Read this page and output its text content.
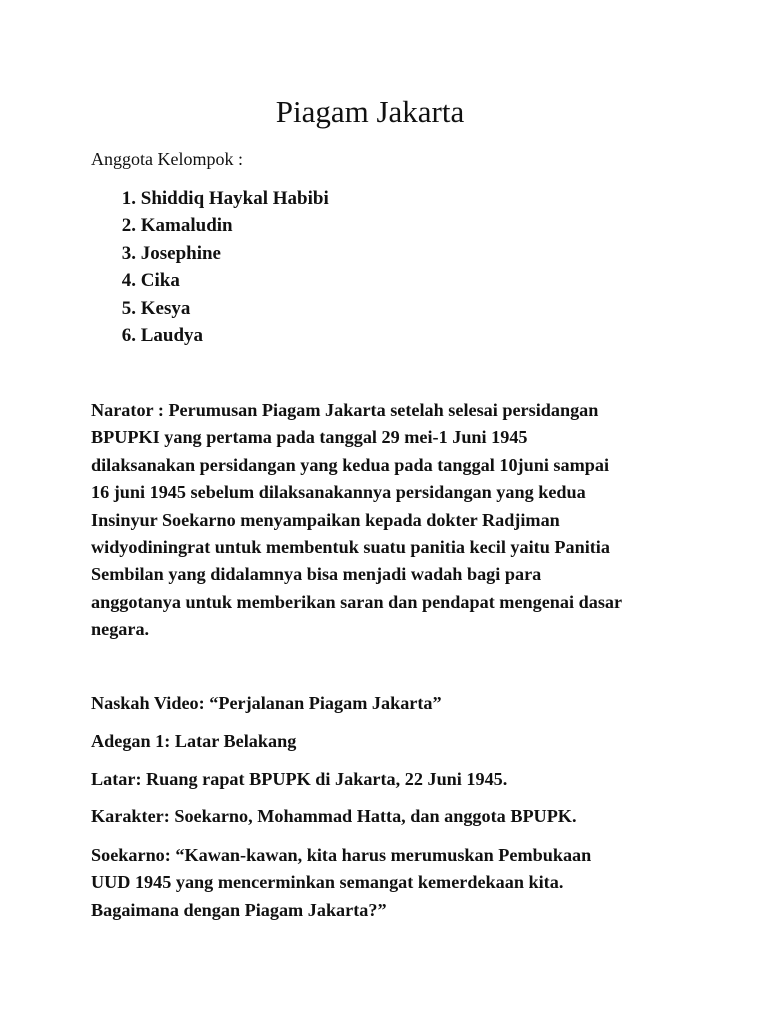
Piagam Jakarta

Anggota Kelompok :

1. Shiddiq Haykal Habibi
2. Kamaludin
3. Josephine
4. Cika
5. Kesya
6. Laudya

Narator : Perumusan Piagam Jakarta setelah selesai persidangan
BPUPKI yang pertama pada tanggal 29 mei-1 Juni 1945
dilaksanakan persidangan yang kedua pada tanggal 10juni sampai
16 juni 1945 sebelum dilaksanakannya persidangan yang kedua
Insinyur Soekarno menyampaikan kepada dokter Radjiman
widyodiningrat untuk membentuk suatu panitia kecil yaitu Panitia
Sembilan yang didalamnya bisa menjadi wadah bagi para
anggotanya untuk memberikan saran dan pendapat mengenai dasar
negara.

Naskah Video: “Perjalanan Piagam Jakarta”

Adegan 1: Latar Belakang

Latar: Ruang rapat BPUPK di Jakarta, 22 Juni 1945.

Karakter: Soekarno, Mohammad Hatta, dan anggota BPUPK.

Soekarno: “Kawan-kawan, kita harus merumuskan Pembukaan
UUD 1945 yang mencerminkan semangat kemerdekaan kita.
Bagaimana dengan Piagam Jakarta?”
